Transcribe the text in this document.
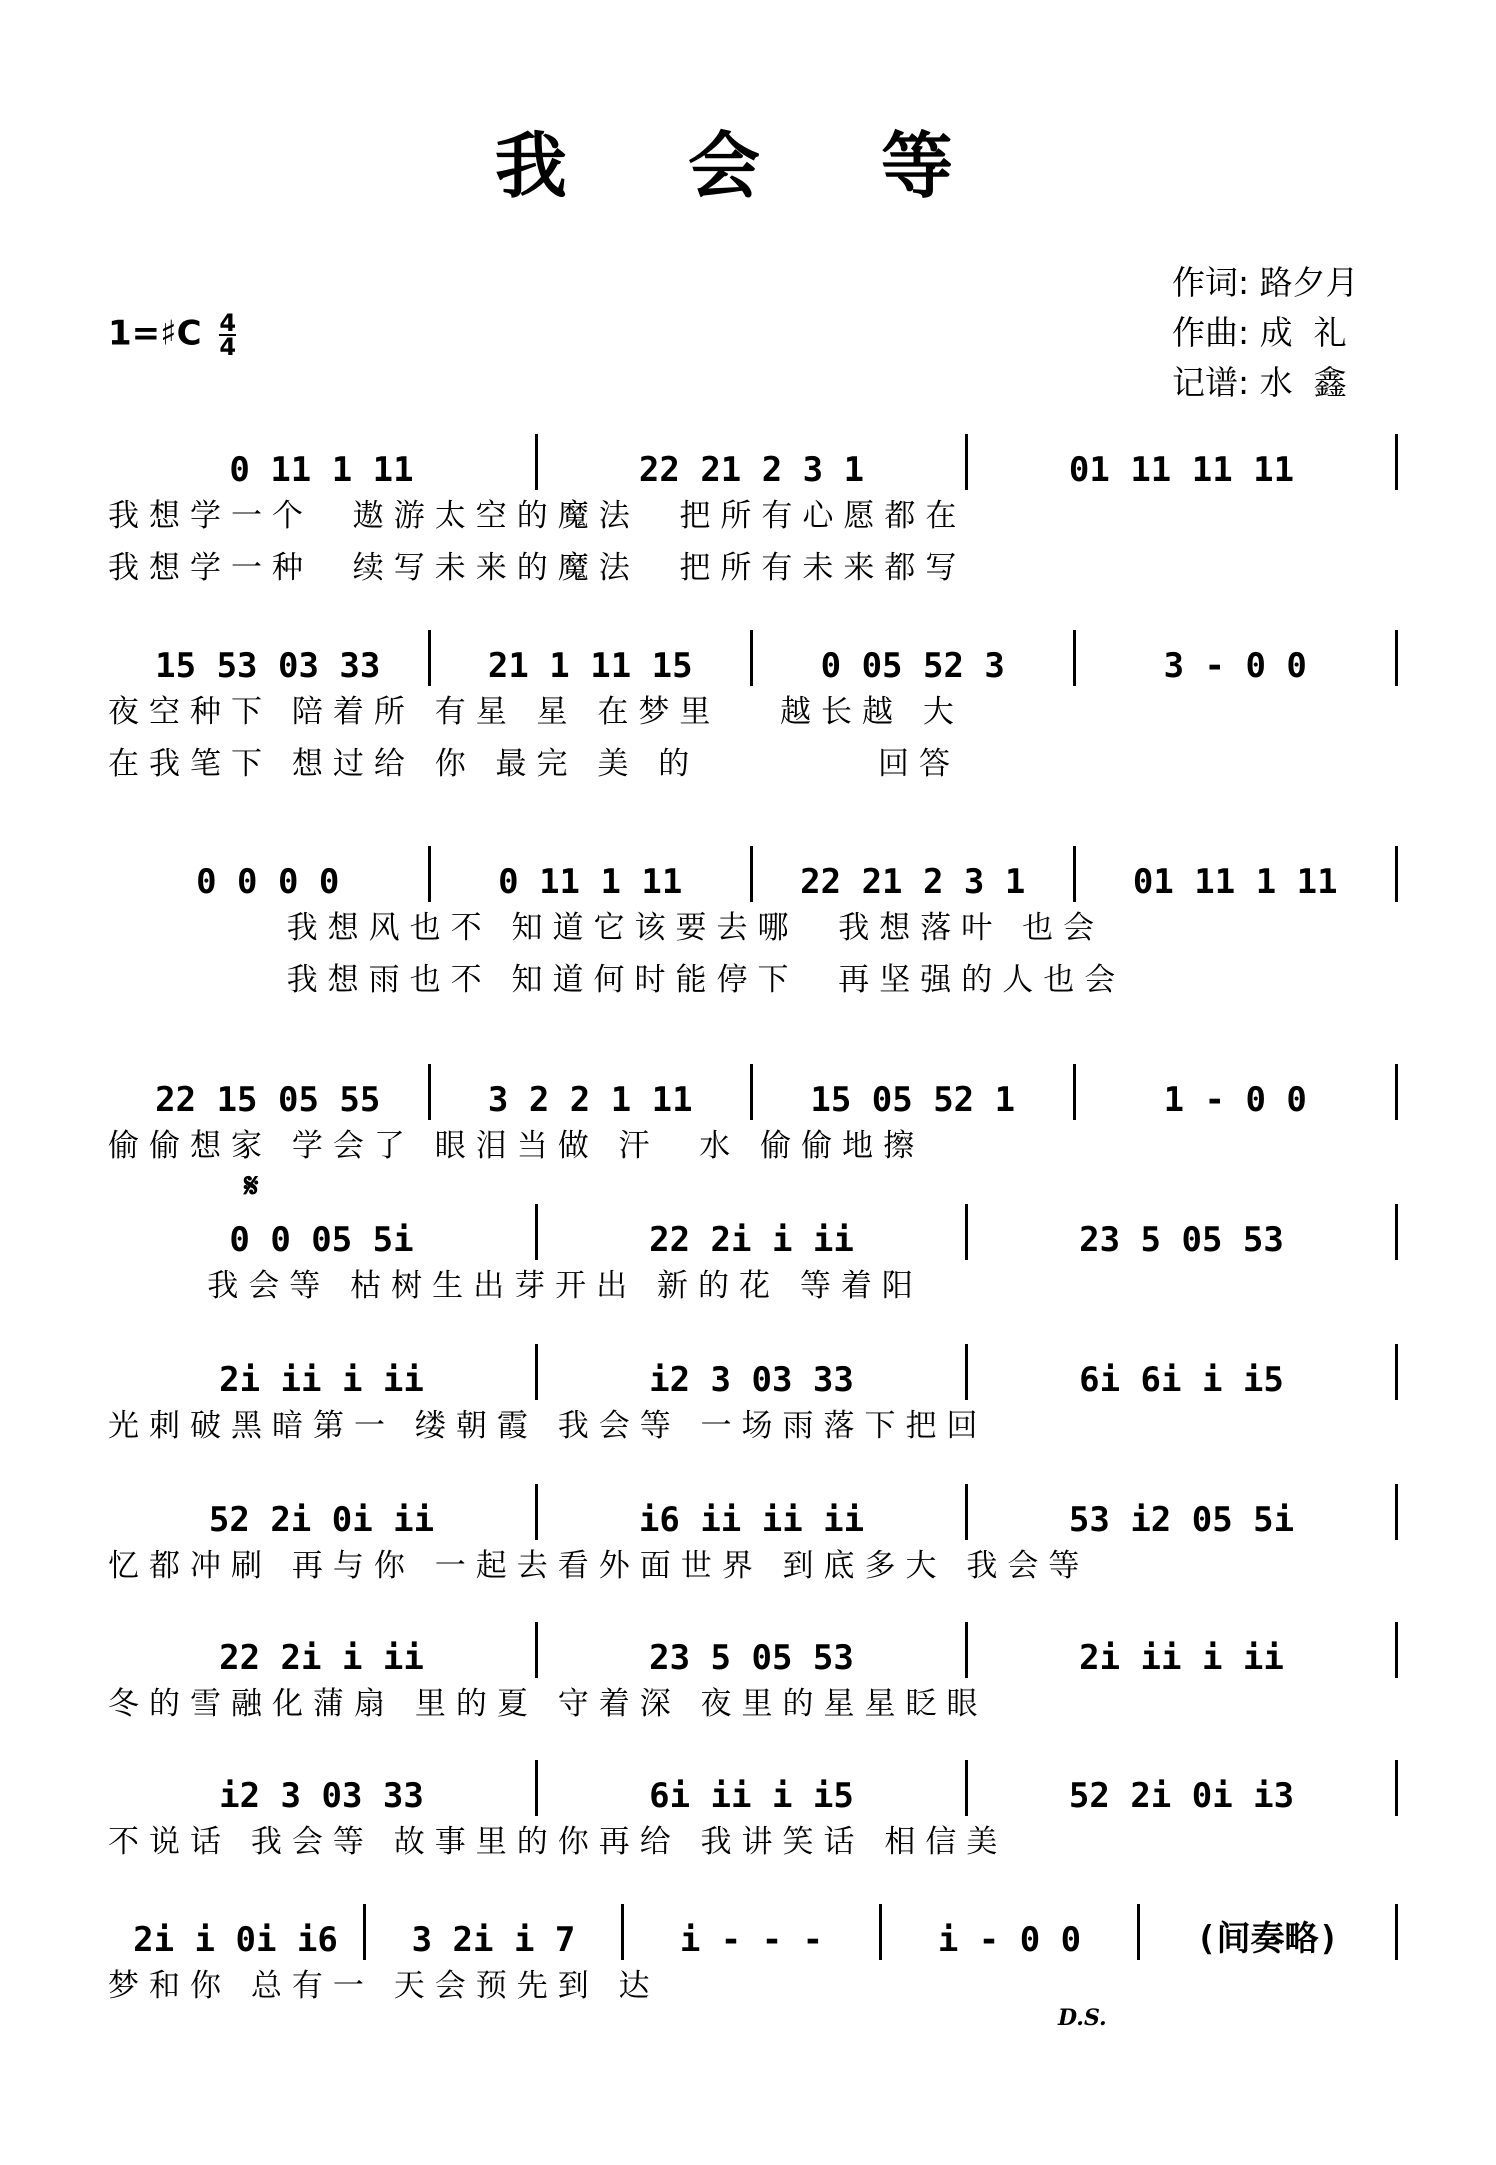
我 会 等
作词: 路夕月
作曲: 成  礼
记谱: 水  鑫
1=♯C $\frac{4}{4}$
0 11 1 11	22 21 2 3 1	01 11 11 11
我想学一个  遨游太空的魔法  把所有心愿都在
我想学一种  续写未来的魔法  把所有未来都写
15 53 03 33	21 1 11 15	0 05 52 3	3 - 0 0
夜空种下 陪着所 有星 星 在梦里   越长越 大
在我笔下 想过给 你 最完 美 的         回答
0 0 0 0	0 11 1 11	22 21 2 3 1	01 11 1 11
我想风也不 知道它该要去哪  我想落叶 也会
我想雨也不 知道何时能停下  再坚强的人也会
22 15 05 55	3 2 2 1 11	15 05 52 1	1 - 0 0
偷偷想家 学会了 眼泪当做 汗  水 偷偷地擦
0 0 05 5i	22 2i i ii	23 5 05 53
我会等 枯树生出芽开出 新的花 等着阳
2i ii i ii	i2 3 03 33	6i 6i i i5
光刺破黑暗第一 缕朝霞 我会等 一场雨落下把回
52 2i 0i ii	i6 ii ii ii	53 i2 05 5i
忆都冲刷 再与你 一起去看外面世界 到底多大 我会等
22 2i i ii	23 5 05 53	2i ii i ii
冬的雪融化蒲扇 里的夏 守着深 夜里的星星眨眼
i2 3 03 33	6i ii i i5	52 2i 0i i3
不说话 我会等 故事里的你再给 我讲笑话 相信美
2i i 0i i6	3 2i i 7	i - - -	i - 0 0	(间奏略)
梦和你 总有一 天会预先到 达
𝄋
D.S.
